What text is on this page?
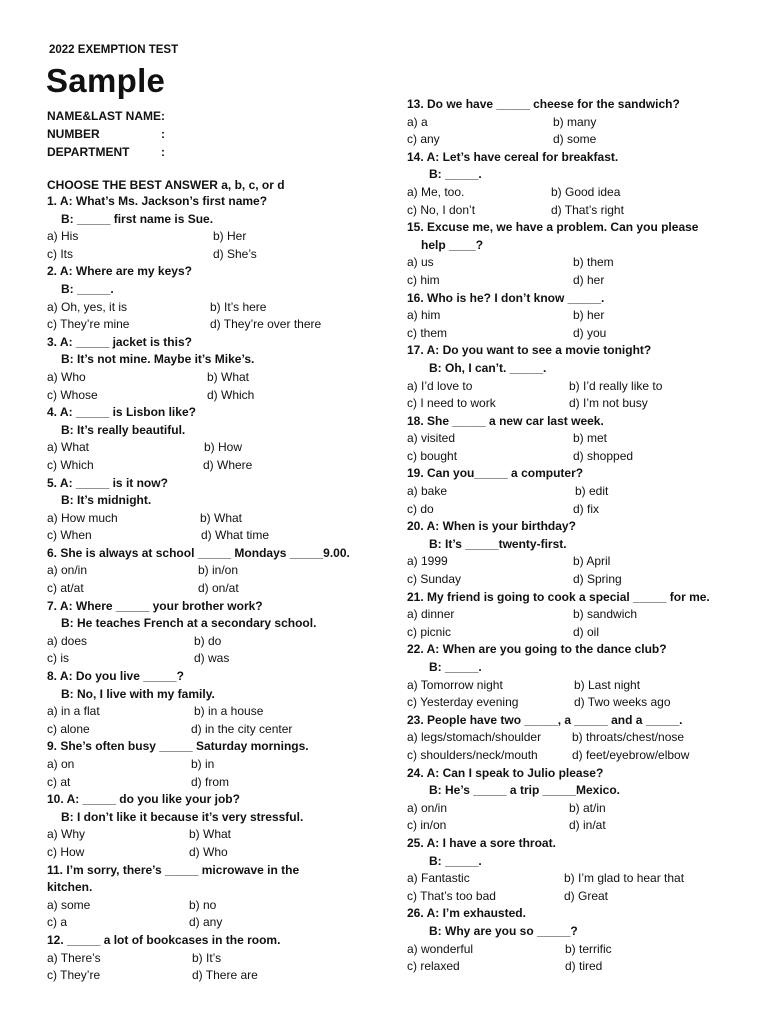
2022 EXEMPTION TEST
Sample
NAME&LAST NAME:
NUMBER	:
DEPARTMENT	:
CHOOSE THE BEST ANSWER a, b, c, or d
1. A: What’s Ms. Jackson’s first name?
B: _____ first name is Sue.
a) His	b) Her
c) Its	d) She’s
2. A: Where are my keys?
B: _____.
a) Oh, yes, it is	b) It’s here
c) They’re mine	d) They’re over there
3. A: _____ jacket is this?
B: It’s not mine. Maybe it’s Mike’s.
a) Who	b) What
c) Whose	d) Which
4. A: _____ is Lisbon like?
B: It’s really beautiful.
a) What	b) How
c) Which	d) Where
5. A: _____ is it now?
B: It’s midnight.
a) How much	b) What
c) When	d) What time
6. She is always at school _____ Mondays _____9.00.
a) on/in	b) in/on
c) at/at	d) on/at
7. A: Where _____ your brother work?
B: He teaches French at a secondary school.
a) does	b) do
c) is	d) was
8. A: Do you live _____?
B: No, I live with my family.
a) in a flat	b) in a house
c) alone	d) in the city center
9. She’s often busy _____ Saturday mornings.
a) on	b) in
c) at	d) from
10. A: _____ do you like your job?
B: I don’t like it because it’s very stressful.
a) Why	b) What
c) How	d) Who
11. I’m sorry, there’s _____ microwave in the
kitchen.
a) some	b) no
c) a	d) any
12. _____ a lot of bookcases in the room.
a) There’s	b) It’s
c) They’re	d) There are
13. Do we have _____ cheese for the sandwich?
a) a	b) many
c) any	d) some
14. A: Let’s have cereal for breakfast.
B: _____.
a) Me, too.	b) Good idea
c) No, I don’t	d) That’s right
15. Excuse me, we have a problem. Can you please
help ____?
a) us	b) them
c) him	d) her
16. Who is he? I don’t know _____.
a) him	b) her
c) them	d) you
17. A: Do you want to see a movie tonight?
B: Oh, I can’t. _____.
a) I’d love to	b) I’d really like to
c) I need to work	d) I’m not busy
18. She _____ a new car last week.
a) visited	b) met
c) bought	d) shopped
19. Can you_____ a computer?
a) bake	b) edit
c) do	d) fix
20. A: When is your birthday?
B: It’s _____twenty-first.
a) 1999	b) April
c) Sunday	d) Spring
21. My friend is going to cook a special _____ for me.
a) dinner	b) sandwich
c) picnic	d) oil
22. A: When are you going to the dance club?
B: _____.
a) Tomorrow night	b) Last night
c) Yesterday evening	d) Two weeks ago
23. People have two _____, a _____ and a _____.
a) legs/stomach/shoulder	b) throats/chest/nose
c) shoulders/neck/mouth	d) feet/eyebrow/elbow
24. A: Can I speak to Julio please?
B: He’s _____ a trip _____Mexico.
a) on/in	b) at/in
c) in/on	d) in/at
25. A: I have a sore throat.
B: _____.
a) Fantastic	b) I’m glad to hear that
c) That’s too bad	d) Great
26. A: I’m exhausted.
B: Why are you so _____?
a) wonderful	b) terrific
c) relaxed	d) tired
